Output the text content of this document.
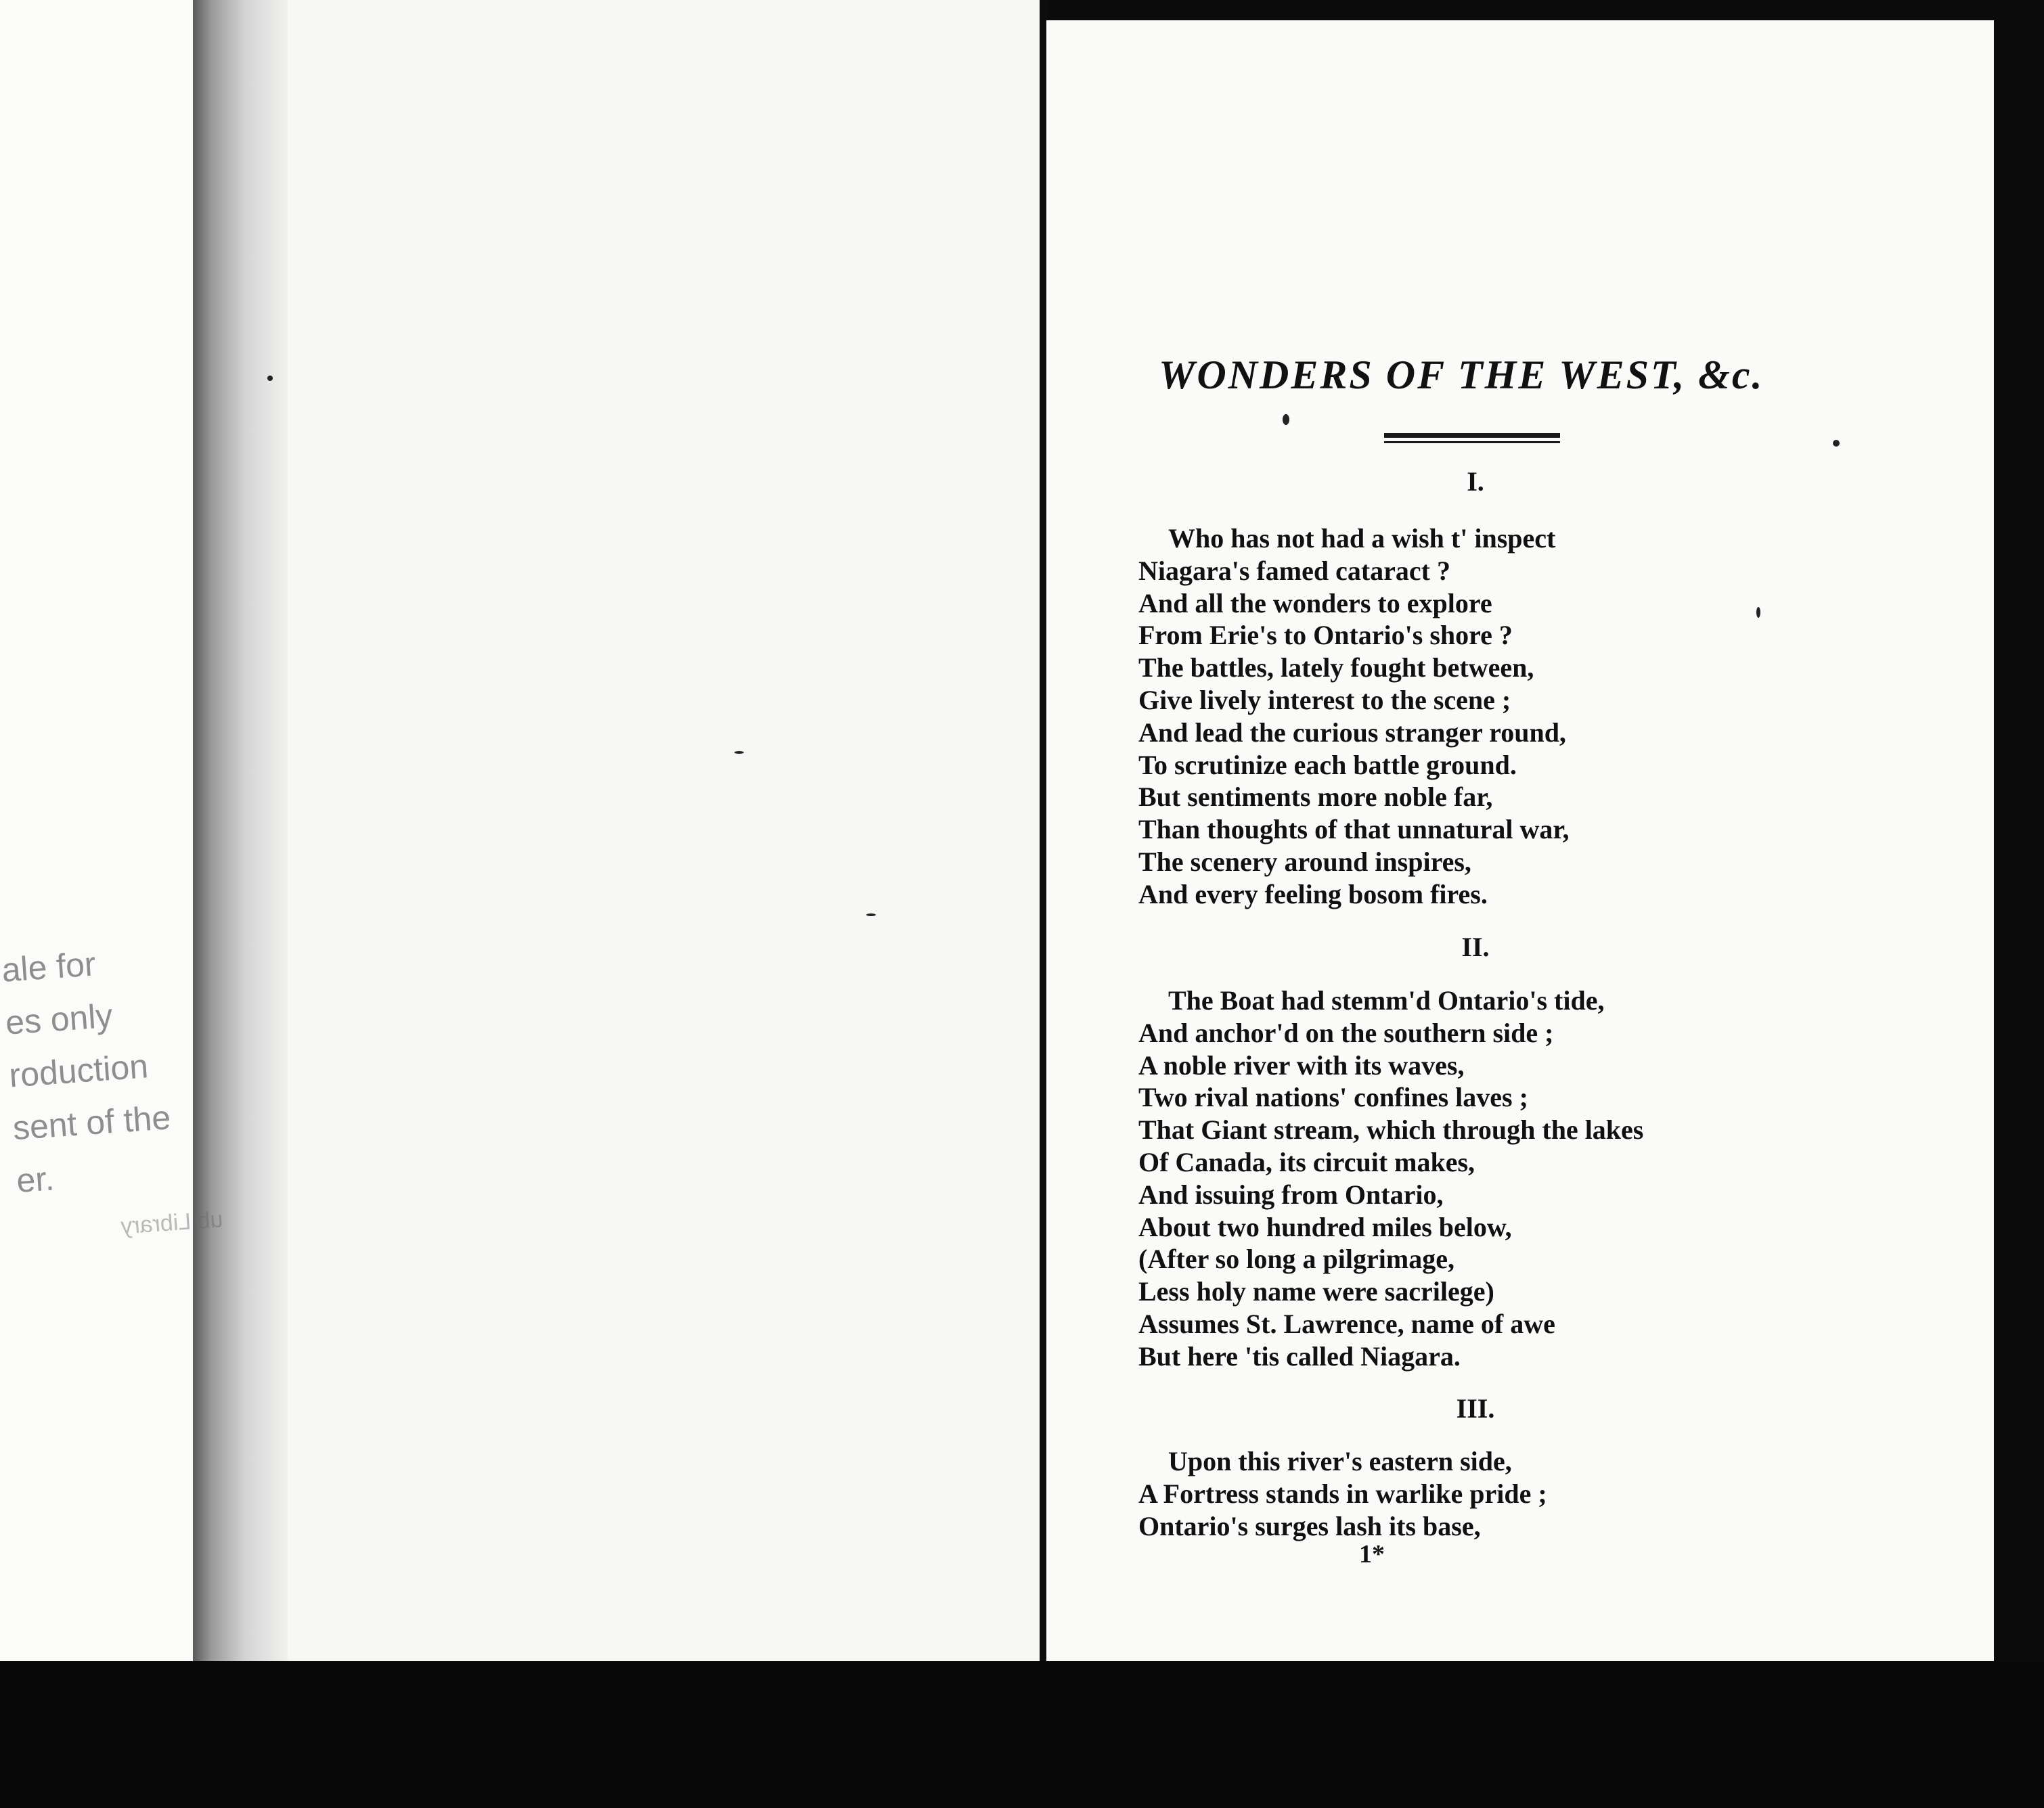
ale for
es only
roduction
sent of the
er.
ub Library
WONDERS OF THE WEST, &c.
I.
Who has not had a wish t' inspect
Niagara's famed cataract ?
And all the wonders to explore
From Erie's to Ontario's shore ?
The battles, lately fought between,
Give lively interest to the scene ;
And lead the curious stranger round,
To scrutinize each battle ground.
But sentiments more noble far,
Than thoughts of that unnatural war,
The scenery around inspires,
And every feeling bosom fires.
II.
The Boat had stemm'd Ontario's tide,
And anchor'd on the southern side ;
A noble river with its waves,
Two rival nations' confines laves ;
That Giant stream, which through the lakes
Of Canada, its circuit makes,
And issuing from Ontario,
About two hundred miles below,
(After so long a pilgrimage,
Less holy name were sacrilege)
Assumes St. Lawrence, name of awe
But here 'tis called Niagara.
III.
Upon this river's eastern side,
A Fortress stands in warlike pride ;
Ontario's surges lash its base,
1*
